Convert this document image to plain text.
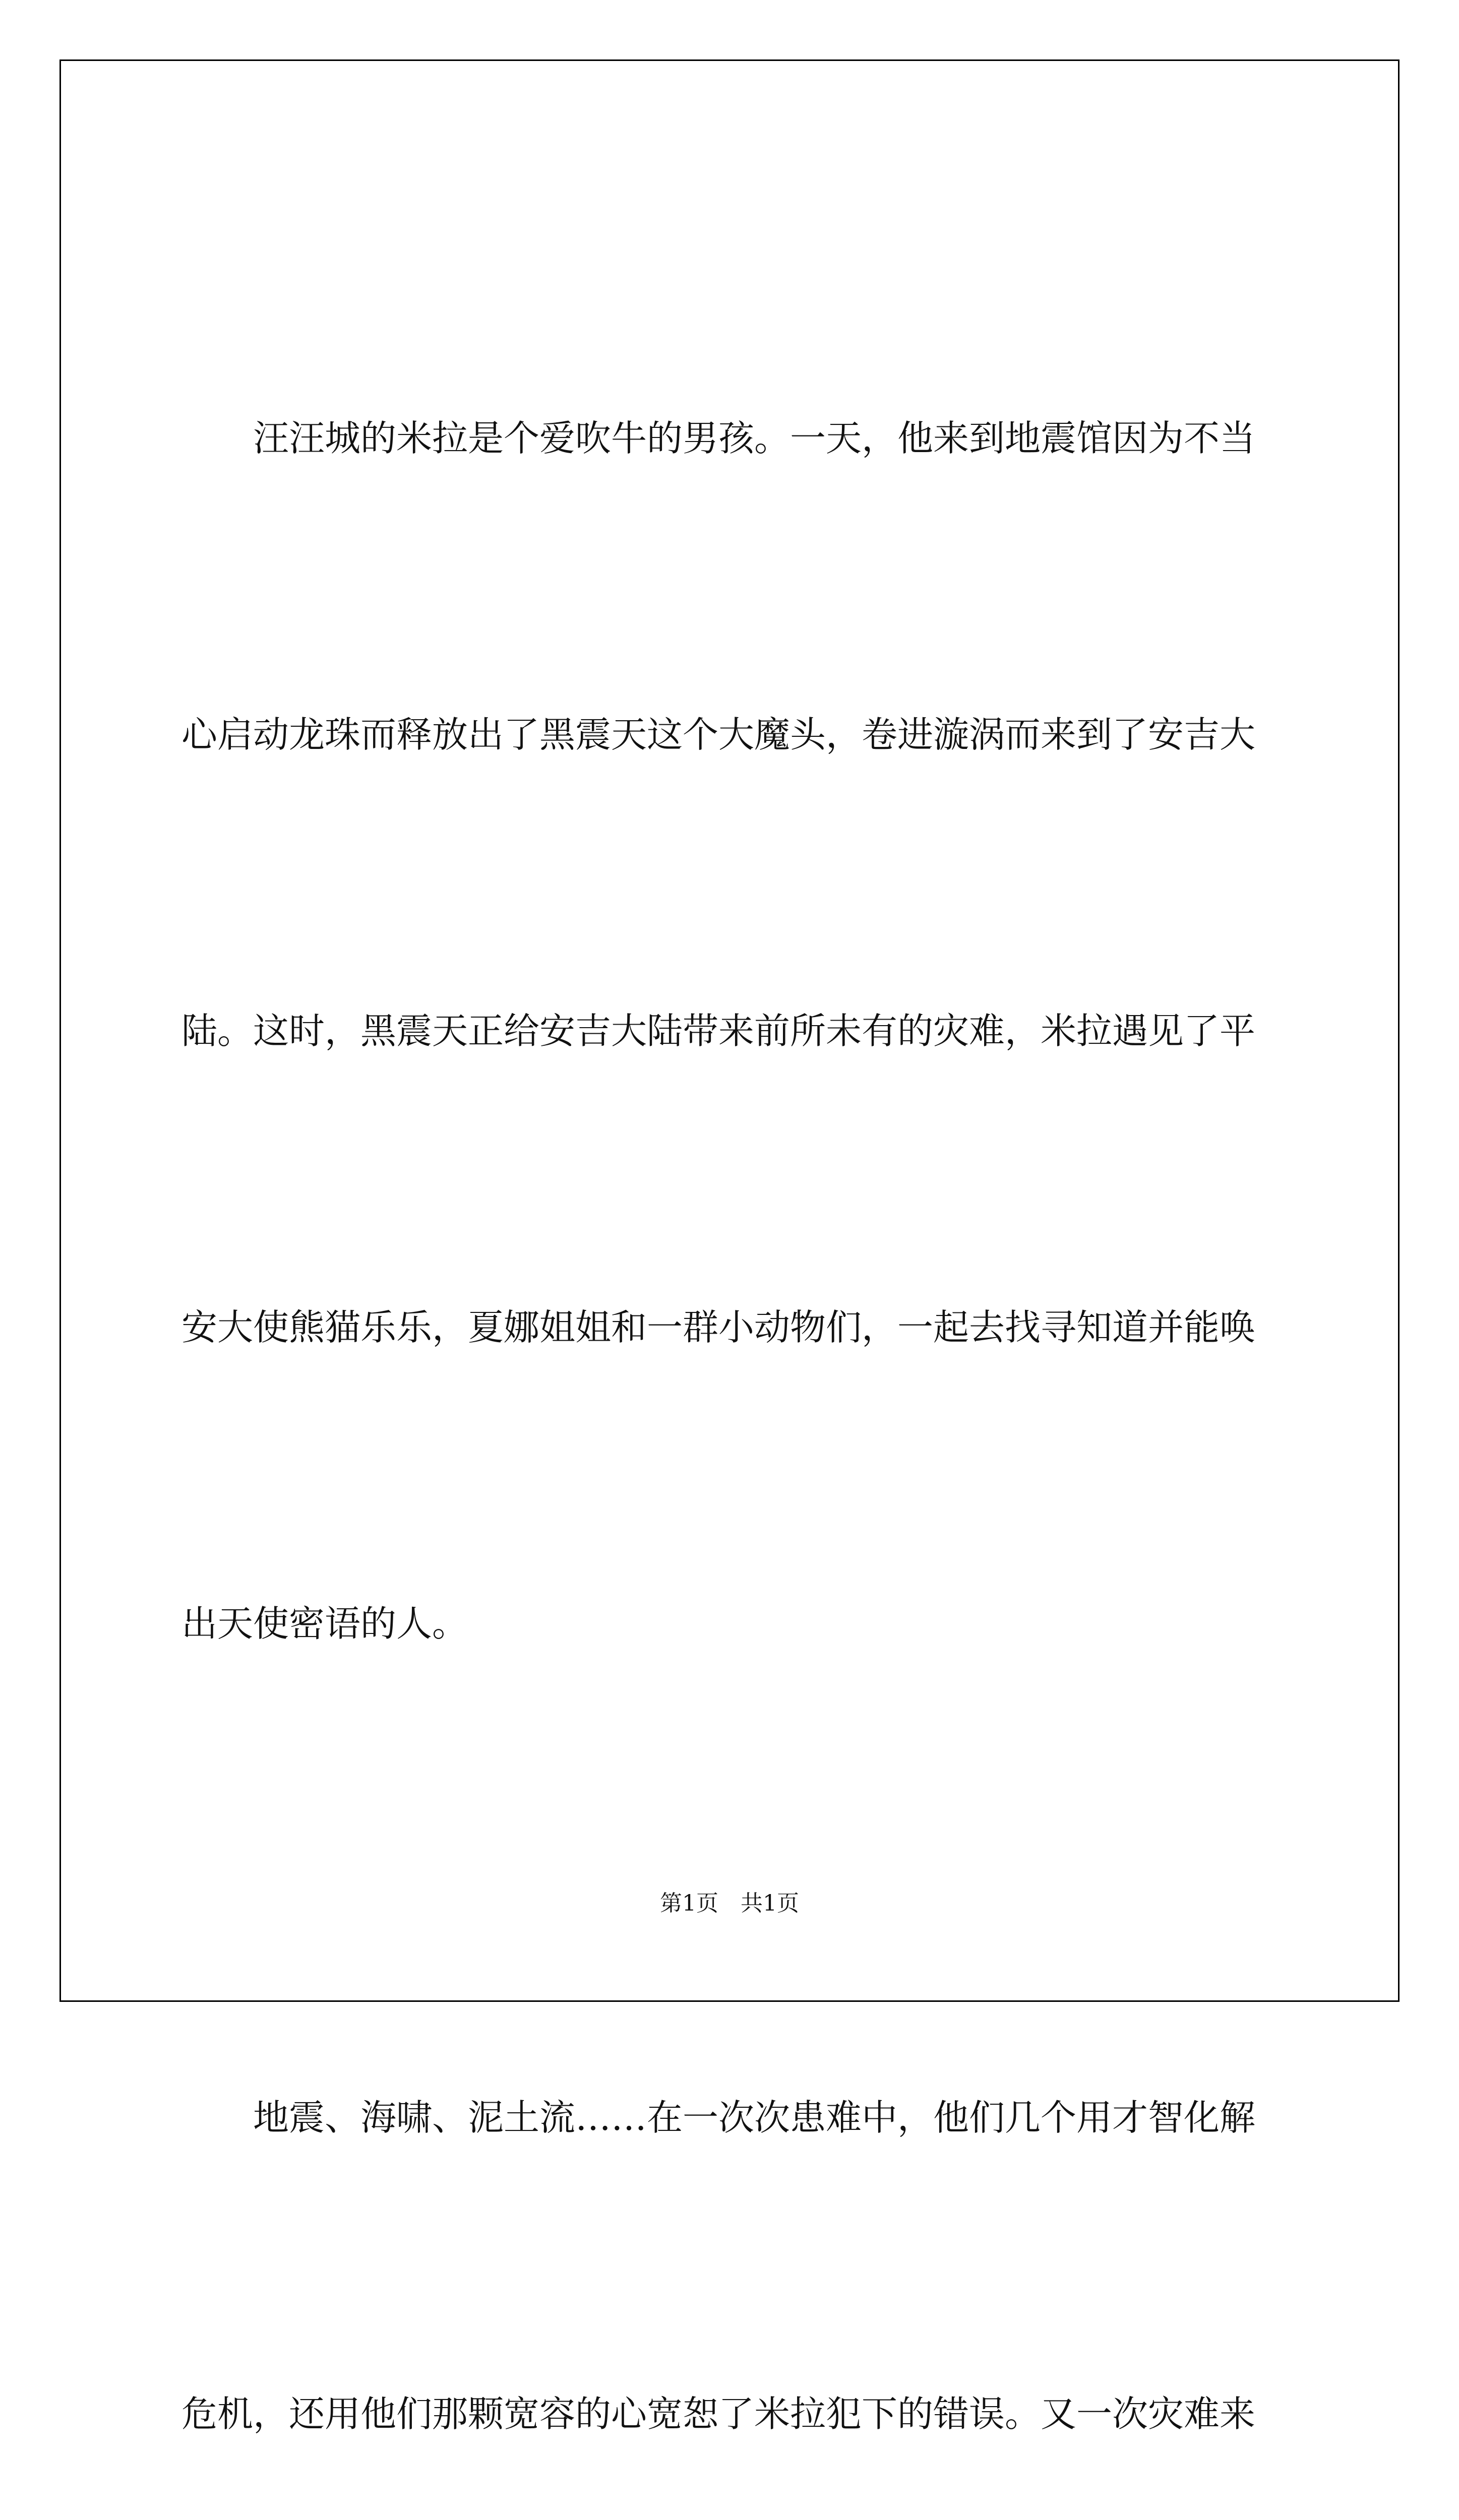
　　汪汪城的米拉是个爱吹牛的男孩。一天，他来到地震馆因为不当

心启动龙珠而释放出了黑震天这个大魔头，卷进漩涡而来到了安吉大

陆。这时，黑震天正给安吉大陆带来前所未有的灾难，米拉遇见了平

安大使熊猫乐乐，夏娜姐姐和一群小动物们，一起去找寻知道并能唤

出天使密语的人。

　　地震、海啸、泥土流……在一次次患难中，他们几个用才智化解

危机，还用他们那颗宽容的心宽恕了米拉犯下的错误。又一次灾难来

第1页　共1页
